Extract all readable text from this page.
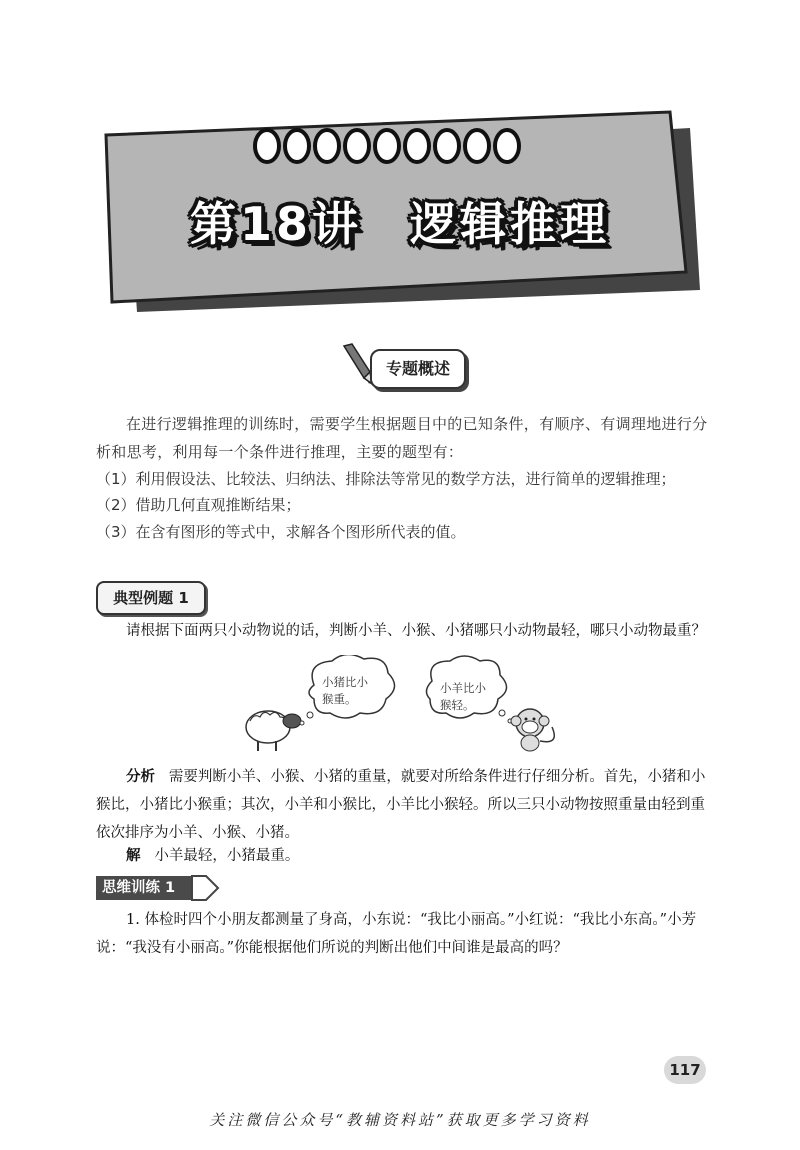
第18讲 逻辑推理
专题概述
在进行逻辑推理的训练时，需要学生根据题目中的已知条件，有顺序、有调理地进行分析和思考，利用每一个条件进行推理，主要的题型有：
（1）利用假设法、比较法、归纳法、排除法等常见的数学方法，进行简单的逻辑推理；
（2）借助几何直观推断结果；
（3）在含有图形的等式中，求解各个图形所代表的值。
典型例题 1
请根据下面两只小动物说的话，判断小羊、小猴、小猪哪只小动物最轻，哪只小动物最重？
小猪比小猴重。
小羊比小猴轻。
分析 需要判断小羊、小猴、小猪的重量，就要对所给条件进行仔细分析。首先，小猪和小猴比，小猪比小猴重；其次，小羊和小猴比，小羊比小猴轻。所以三只小动物按照重量由轻到重依次排序为小羊、小猴、小猪。
解 小羊最轻，小猪最重。
思维训练 1
1. 体检时四个小朋友都测量了身高，小东说：“我比小丽高。”小红说：“我比小东高。”小芳说：“我没有小丽高。”你能根据他们所说的判断出他们中间谁是最高的吗？
117
关注微信公众号“教辅资料站”获取更多学习资料
